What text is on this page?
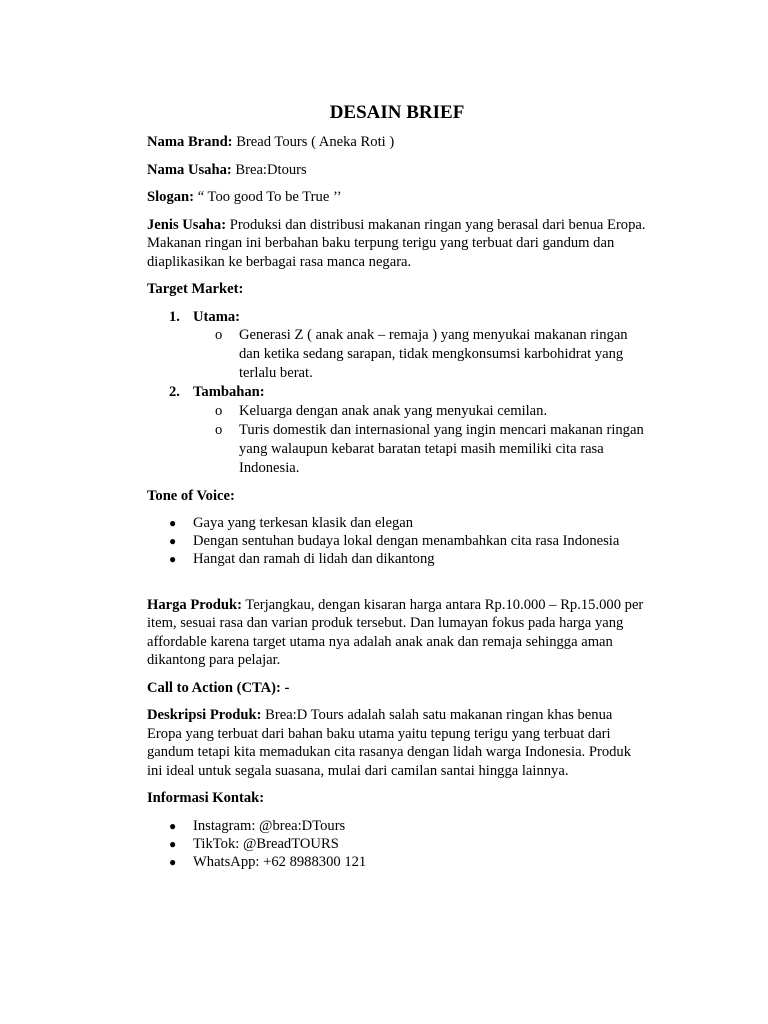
DESAIN BRIEF

Nama Brand: Bread Tours ( Aneka Roti )

Nama Usaha: Brea:Dtours

Slogan: “ Too good To be True ’’

Jenis Usaha: Produksi dan distribusi makanan ringan yang berasal dari benua Eropa. Makanan ringan ini berbahan baku terpung terigu yang terbuat dari gandum dan diaplikasikan ke berbagai rasa manca negara.

Target Market:

1. Utama:
o Generasi Z ( anak anak – remaja ) yang menyukai makanan ringan dan ketika sedang sarapan, tidak mengkonsumsi karbohidrat yang terlalu berat.
2. Tambahan:
o Keluarga dengan anak anak yang menyukai cemilan.
o Turis domestik dan internasional yang ingin mencari makanan ringan yang walaupun kebarat baratan tetapi masih memiliki cita rasa Indonesia.

Tone of Voice:

● Gaya yang terkesan klasik dan elegan
● Dengan sentuhan budaya lokal dengan menambahkan cita rasa Indonesia
● Hangat dan ramah di lidah dan dikantong

Harga Produk: Terjangkau, dengan kisaran harga antara Rp.10.000 – Rp.15.000 per item, sesuai rasa dan varian produk tersebut. Dan lumayan fokus pada harga yang affordable karena target utama nya adalah anak anak dan remaja sehingga aman dikantong para pelajar.

Call to Action (CTA): -

Deskripsi Produk: Brea:D Tours adalah salah satu makanan ringan khas benua Eropa yang terbuat dari bahan baku utama yaitu tepung terigu yang terbuat dari gandum tetapi kita memadukan cita rasanya dengan lidah warga Indonesia. Produk ini ideal untuk segala suasana, mulai dari camilan santai hingga lainnya.

Informasi Kontak:

● Instagram: @brea:DTours
● TikTok: @BreadTOURS
● WhatsApp: +62 8988300 121
